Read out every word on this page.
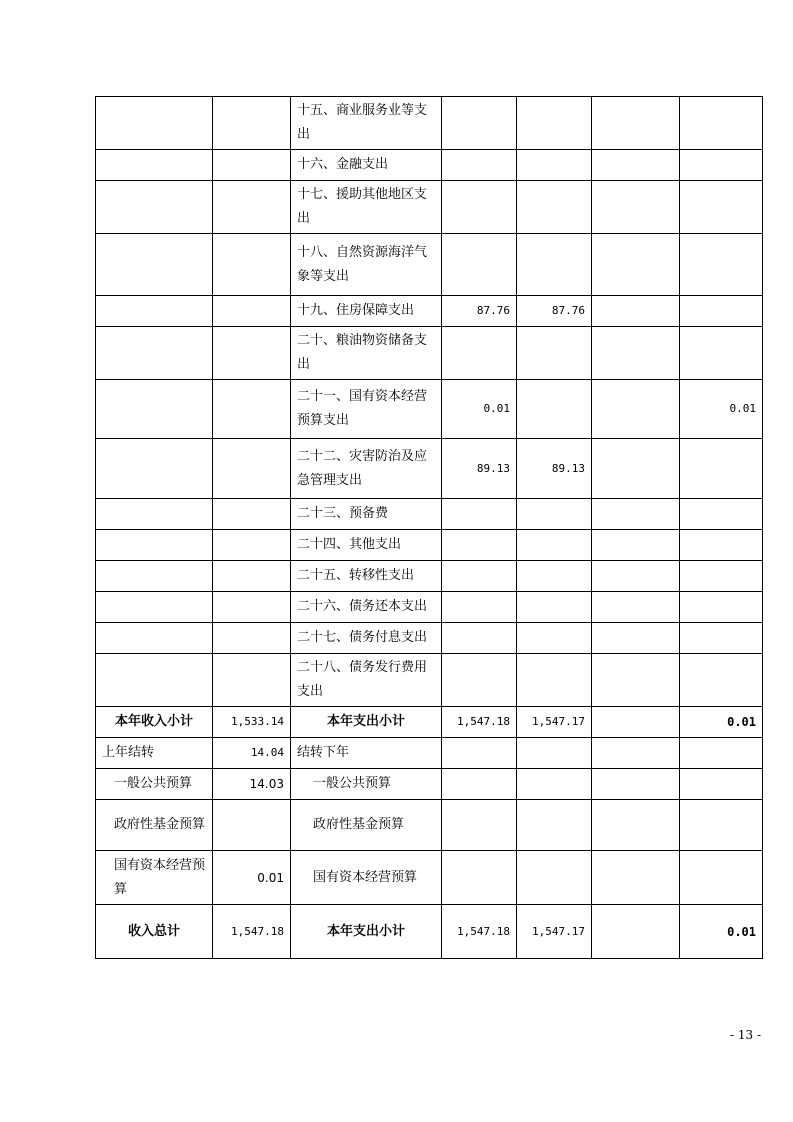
		十五、商业服务业等支出				
		十六、金融支出				
		十七、援助其他地区支出				
		十八、自然资源海洋气象等支出				
		十九、住房保障支出	87.76	87.76		
		二十、粮油物资储备支出				
		二十一、国有资本经营预算支出	0.01			0.01
		二十二、灾害防治及应急管理支出	89.13	89.13		
		二十三、预备费				
		二十四、其他支出				
		二十五、转移性支出				
		二十六、债务还本支出				
		二十七、债务付息支出				
		二十八、债务发行费用支出				
本年收入小计	1,533.14	本年支出小计	1,547.18	1,547.17		0.01
上年结转	14.04	结转下年				
一般公共预算	14.03	一般公共预算				
政府性基金预算		政府性基金预算				
国有资本经营预算	0.01	国有资本经营预算				
收入总计	1,547.18	本年支出小计	1,547.18	1,547.17		0.01
- 13 -
